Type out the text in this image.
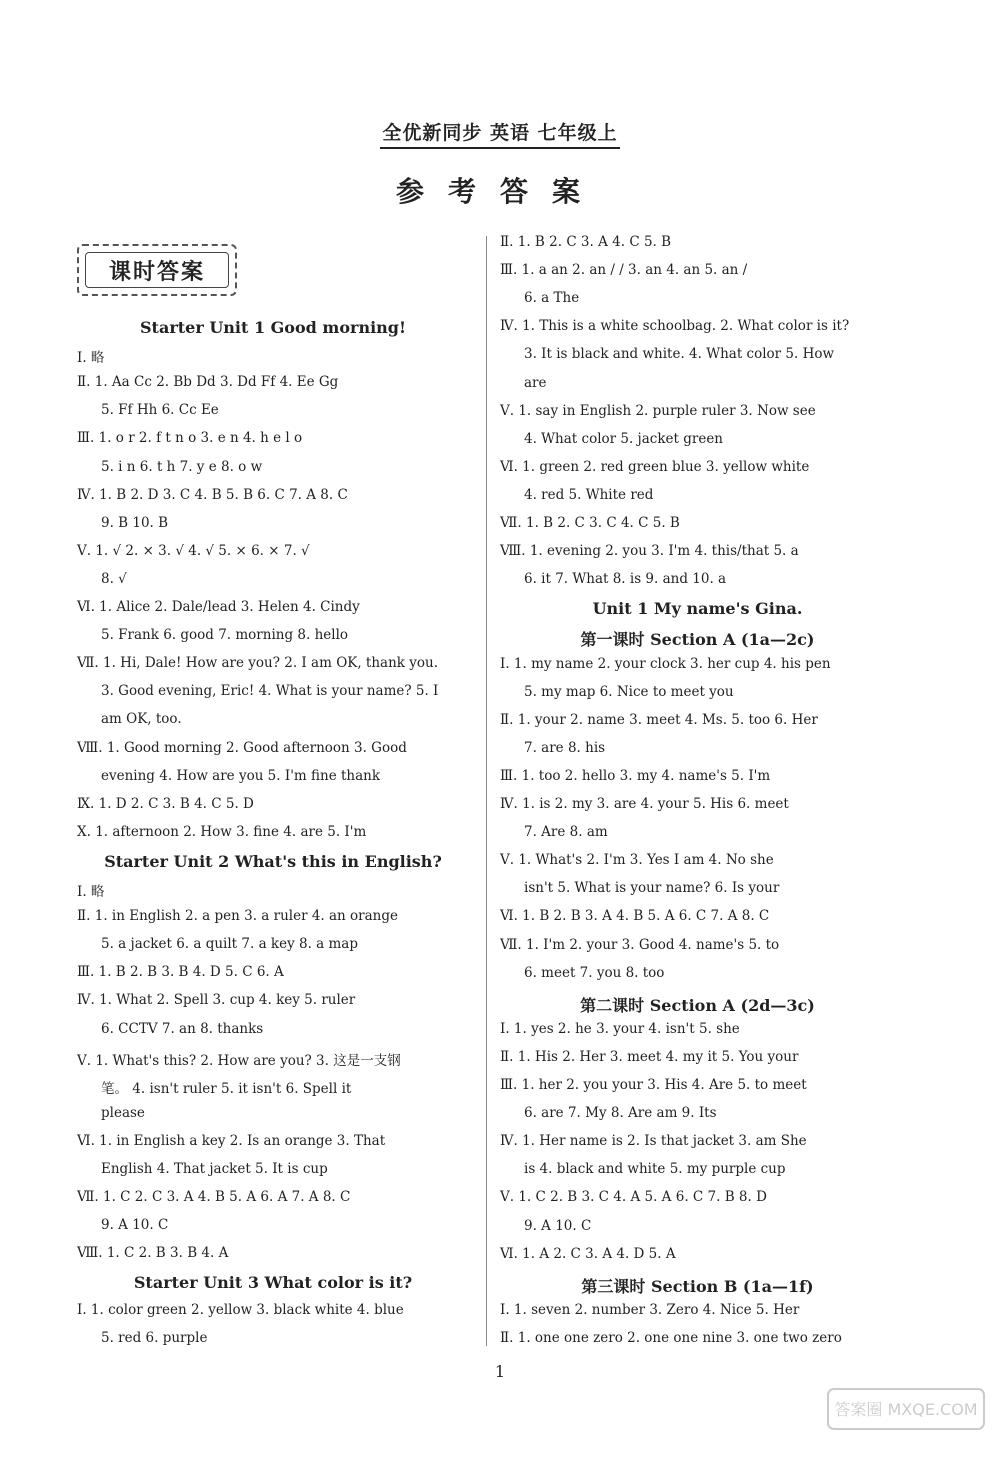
全优新同步 英语 七年级上
参考答案
课时答案
Starter Unit 1 Good morning!
Ⅰ. 略
Ⅱ. 1. Aa Cc 2. Bb Dd 3. Dd Ff 4. Ee Gg
5. Ff Hh 6. Cc Ee
Ⅲ. 1. o r 2. f t n o 3. e n 4. h e l o
5. i n 6. t h 7. y e 8. o w
Ⅳ. 1. B 2. D 3. C 4. B 5. B 6. C 7. A 8. C
9. B 10. B
Ⅴ. 1. √ 2. × 3. √ 4. √ 5. × 6. × 7. √
8. √
Ⅵ. 1. Alice 2. Dale/lead 3. Helen 4. Cindy
5. Frank 6. good 7. morning 8. hello
Ⅶ. 1. Hi, Dale! How are you? 2. I am OK, thank you.
3. Good evening, Eric! 4. What is your name? 5. I
am OK, too.
Ⅷ. 1. Good morning 2. Good afternoon 3. Good
evening 4. How are you 5. I'm fine thank
Ⅸ. 1. D 2. C 3. B 4. C 5. D
Ⅹ. 1. afternoon 2. How 3. fine 4. are 5. I'm
Starter Unit 2 What's this in English?
Ⅰ. 略
Ⅱ. 1. in English 2. a pen 3. a ruler 4. an orange
5. a jacket 6. a quilt 7. a key 8. a map
Ⅲ. 1. B 2. B 3. B 4. D 5. C 6. A
Ⅳ. 1. What 2. Spell 3. cup 4. key 5. ruler
6. CCTV 7. an 8. thanks
Ⅴ. 1. What's this? 2. How are you? 3. 这是一支钢
笔。 4. isn't ruler 5. it isn't 6. Spell it
please
Ⅵ. 1. in English a key 2. Is an orange 3. That
English 4. That jacket 5. It is cup
Ⅶ. 1. C 2. C 3. A 4. B 5. A 6. A 7. A 8. C
9. A 10. C
Ⅷ. 1. C 2. B 3. B 4. A
Starter Unit 3 What color is it?
Ⅰ. 1. color green 2. yellow 3. black white 4. blue
5. red 6. purple
Ⅱ. 1. B 2. C 3. A 4. C 5. B
Ⅲ. 1. a an 2. an / / 3. an 4. an 5. an /
6. a The
Ⅳ. 1. This is a white schoolbag. 2. What color is it?
3. It is black and white. 4. What color 5. How
are
Ⅴ. 1. say in English 2. purple ruler 3. Now see
4. What color 5. jacket green
Ⅵ. 1. green 2. red green blue 3. yellow white
4. red 5. White red
Ⅶ. 1. B 2. C 3. C 4. C 5. B
Ⅷ. 1. evening 2. you 3. I'm 4. this/that 5. a
6. it 7. What 8. is 9. and 10. a
Unit 1 My name's Gina.
第一课时 Section A (1a—2c)
Ⅰ. 1. my name 2. your clock 3. her cup 4. his pen
5. my map 6. Nice to meet you
Ⅱ. 1. your 2. name 3. meet 4. Ms. 5. too 6. Her
7. are 8. his
Ⅲ. 1. too 2. hello 3. my 4. name's 5. I'm
Ⅳ. 1. is 2. my 3. are 4. your 5. His 6. meet
7. Are 8. am
Ⅴ. 1. What's 2. I'm 3. Yes I am 4. No she
isn't 5. What is your name? 6. Is your
Ⅵ. 1. B 2. B 3. A 4. B 5. A 6. C 7. A 8. C
Ⅶ. 1. I'm 2. your 3. Good 4. name's 5. to
6. meet 7. you 8. too
第二课时 Section A (2d—3c)
Ⅰ. 1. yes 2. he 3. your 4. isn't 5. she
Ⅱ. 1. His 2. Her 3. meet 4. my it 5. You your
Ⅲ. 1. her 2. you your 3. His 4. Are 5. to meet
6. are 7. My 8. Are am 9. Its
Ⅳ. 1. Her name is 2. Is that jacket 3. am She
is 4. black and white 5. my purple cup
Ⅴ. 1. C 2. B 3. C 4. A 5. A 6. C 7. B 8. D
9. A 10. C
Ⅵ. 1. A 2. C 3. A 4. D 5. A
第三课时 Section B (1a—1f)
Ⅰ. 1. seven 2. number 3. Zero 4. Nice 5. Her
Ⅱ. 1. one one zero 2. one one nine 3. one two zero
1
答案圈 MXQE.COM
